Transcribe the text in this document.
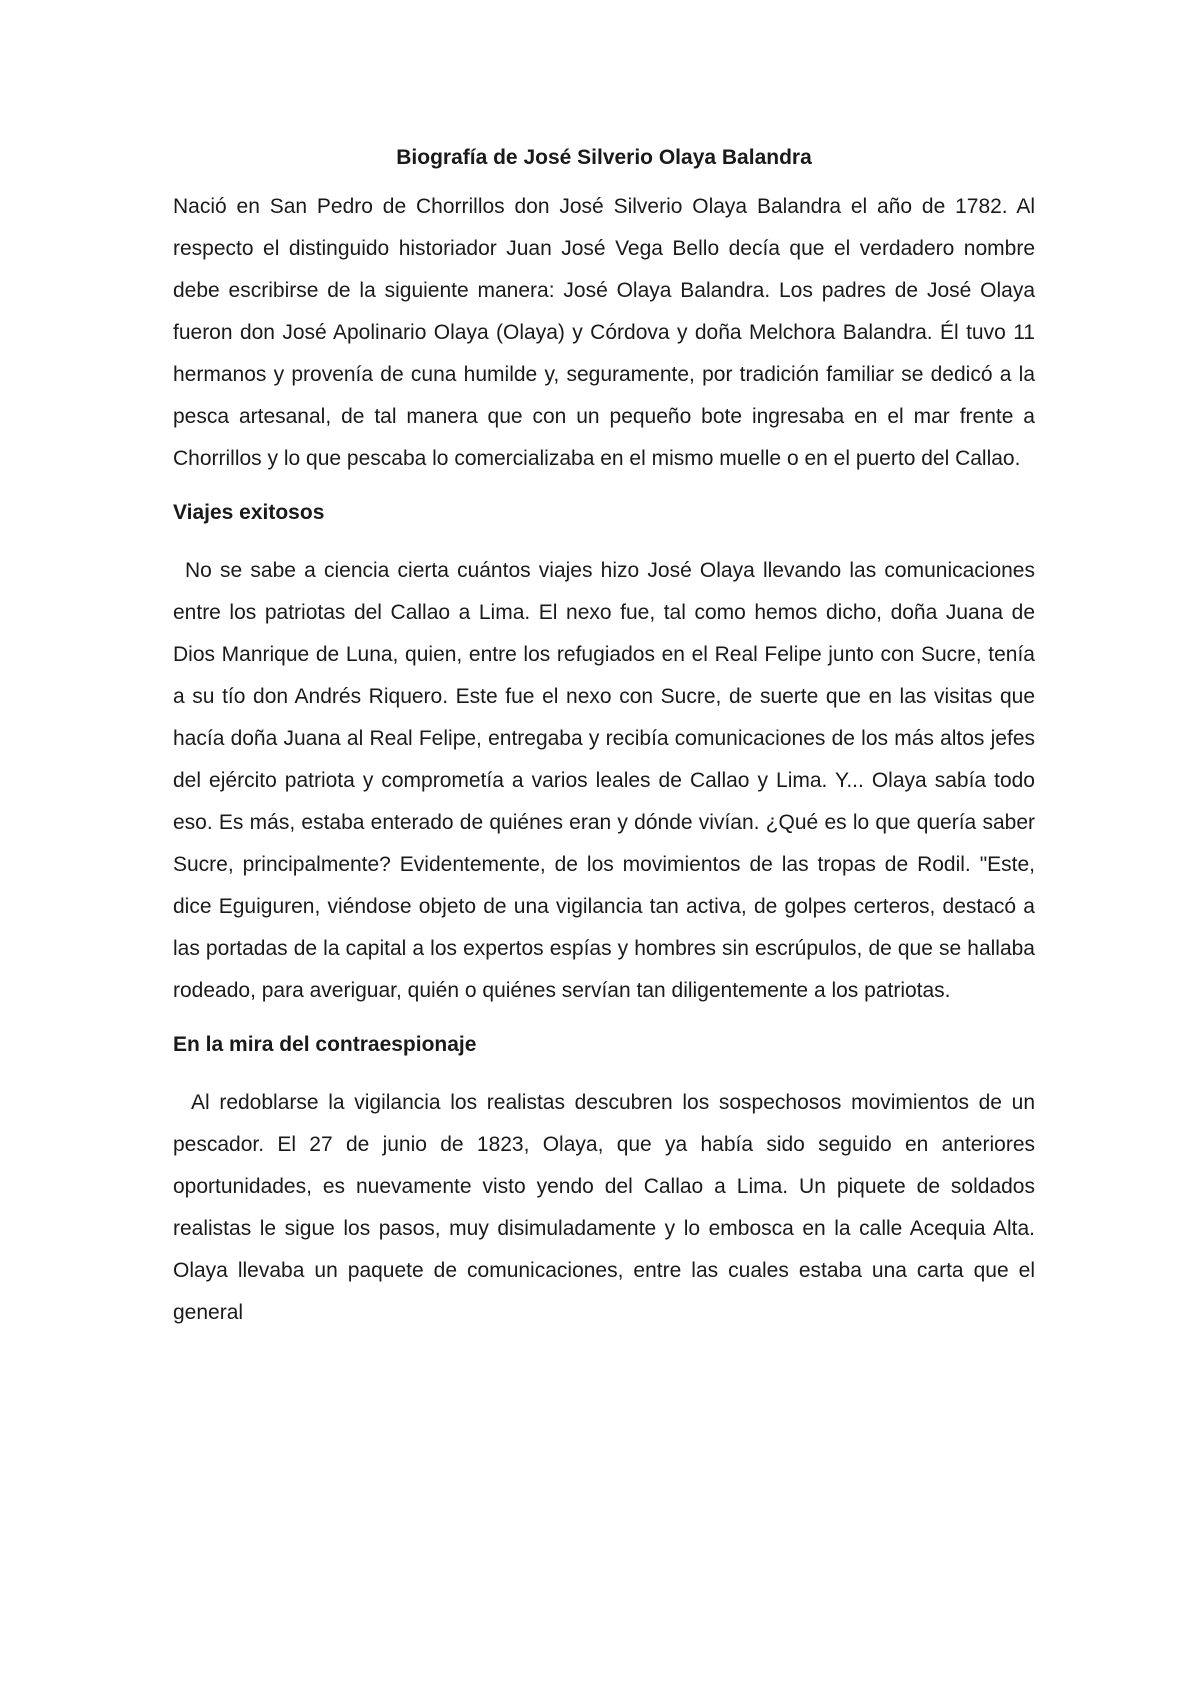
Biografía de José Silverio Olaya Balandra

Nació en San Pedro de Chorrillos don José Silverio Olaya Balandra el año de 1782. Al respecto el distinguido historiador Juan José Vega Bello decía que el verdadero nombre debe escribirse de la siguiente manera: José Olaya Balandra. Los padres de José Olaya fueron don José Apolinario Olaya (Olaya) y Córdova y doña Melchora Balandra. Él tuvo 11 hermanos y provenía de cuna humilde y, seguramente, por tradición familiar se dedicó a la pesca artesanal, de tal manera que con un pequeño bote ingresaba en el mar frente a Chorrillos y lo que pescaba lo comercializaba en el mismo muelle o en el puerto del Callao.

Viajes exitosos

No se sabe a ciencia cierta cuántos viajes hizo José Olaya llevando las comunicaciones entre los patriotas del Callao a Lima. El nexo fue, tal como hemos dicho, doña Juana de Dios Manrique de Luna, quien, entre los refugiados en el Real Felipe junto con Sucre, tenía a su tío don Andrés Riquero. Este fue el nexo con Sucre, de suerte que en las visitas que hacía doña Juana al Real Felipe, entregaba y recibía comunicaciones de los más altos jefes del ejército patriota y comprometía a varios leales de Callao y Lima. Y... Olaya sabía todo eso. Es más, estaba enterado de quiénes eran y dónde vivían. ¿Qué es lo que quería saber Sucre, principalmente? Evidentemente, de los movimientos de las tropas de Rodil. "Este, dice Eguiguren, viéndose objeto de una vigilancia tan activa, de golpes certeros, destacó a las portadas de la capital a los expertos espías y hombres sin escrúpulos, de que se hallaba rodeado, para averiguar, quién o quiénes servían tan diligentemente a los patriotas.

En la mira del contraespionaje

Al redoblarse la vigilancia los realistas descubren los sospechosos movimientos de un pescador. El 27 de junio de 1823, Olaya, que ya había sido seguido en anteriores oportunidades, es nuevamente visto yendo del Callao a Lima. Un piquete de soldados realistas le sigue los pasos, muy disimuladamente y lo embosca en la calle Acequia Alta. Olaya llevaba un paquete de comunicaciones, entre las cuales estaba una carta que el general
